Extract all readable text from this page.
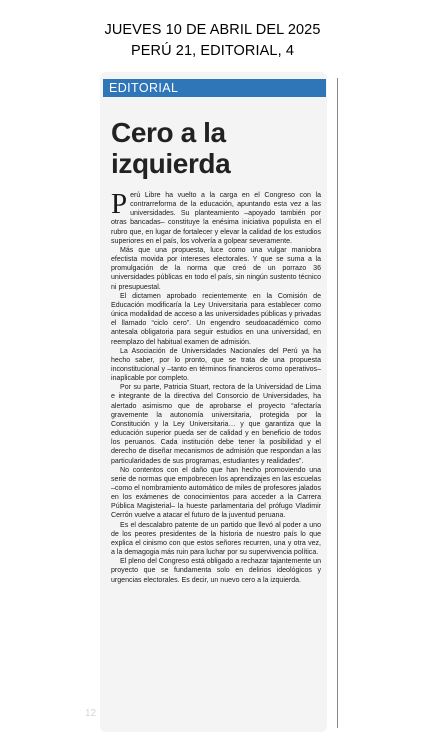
JUEVES 10 DE ABRIL DEL 2025
PERÚ 21, EDITORIAL, 4
EDITORIAL
Cero a la
izquierda

Perú Libre ha vuelto a la carga en el Congreso con la contrarreforma de la educación, apuntando esta vez a las universidades. Su planteamiento –apoyado también por otras bancadas– constituye la enésima iniciativa populista en el rubro que, en lugar de fortalecer y elevar la calidad de los estudios superiores en el país, los volvería a golpear severamente.

Más que una propuesta, luce como una vulgar maniobra efectista movida por intereses electorales. Y que se suma a la promulgación de la norma que creó de un porrazo 36 universidades públicas en todo el país, sin ningún sustento técnico ni presupuestal.

El dictamen aprobado recientemente en la Comisión de Educación modificaría la Ley Universitaria para establecer como única modalidad de acceso a las universidades públicas y privadas el llamado “ciclo cero”. Un engendro seudoacadémico como antesala obligatoria para seguir estudios en una universidad, en reemplazo del habitual examen de admisión.

La Asociación de Universidades Nacionales del Perú ya ha hecho saber, por lo pronto, que se trata de una propuesta inconstitucional y –tanto en términos financieros como operativos– inaplicable por completo.

Por su parte, Patricia Stuart, rectora de la Universidad de Lima e integrante de la directiva del Consorcio de Universidades, ha alertado asimismo que de aprobarse el proyecto “afectaría gravemente la autonomía universitaria, protegida por la Constitución y la Ley Universitaria… y que garantiza que la educación superior pueda ser de calidad y en beneficio de todos los peruanos. Cada institución debe tener la posibilidad y el derecho de diseñar mecanismos de admisión que respondan a las particularidades de sus programas, estudiantes y realidades”.

No contentos con el daño que han hecho promoviendo una serie de normas que empobrecen los aprendizajes en las escuelas –como el nombramiento automático de miles de profesores jalados en los exámenes de conocimientos para acceder a la Carrera Pública Magisterial– la hueste parlamentaria del prófugo Vladimir Cerrón vuelve a atacar el futuro de la juventud peruana.

Es el descalabro patente de un partido que llevó al poder a uno de los peores presidentes de la historia de nuestro país lo que explica el cinismo con que estos señores recurren, una y otra vez, a la demagogia más ruin para luchar por su supervivencia política.

El pleno del Congreso está obligado a rechazar tajantemente un proyecto que se fundamenta solo en delirios ideológicos y urgencias electorales. Es decir, un nuevo cero a la izquierda.

12
